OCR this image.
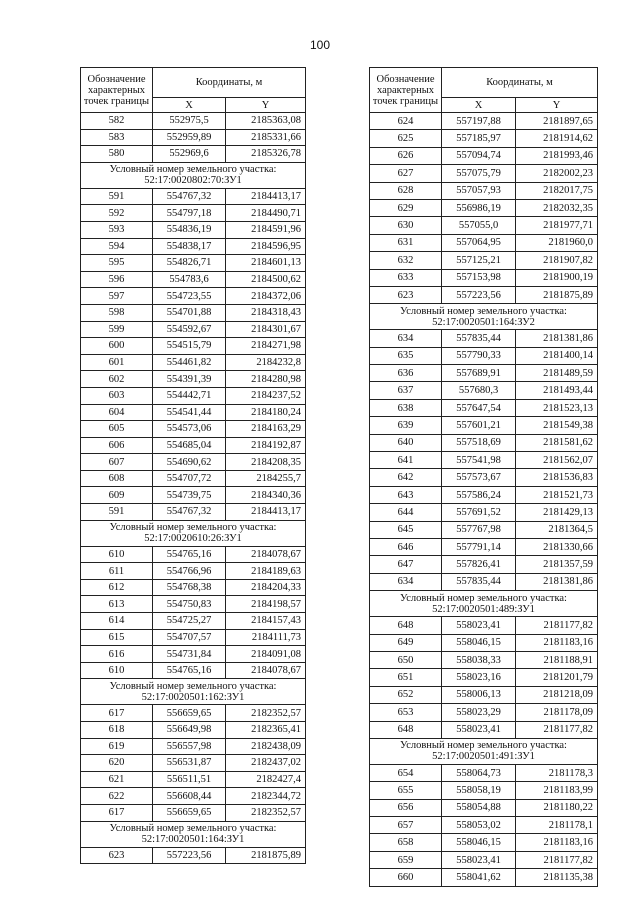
100
Обозначение характерных точек границы	Координаты, м	
	X	Y
582	552975,5	2185363,08
583	552959,89	2185331,66
580	552969,6	2185326,78
Условный номер земельного участка:
52:17:0020802:70:ЗУ1		
591	554767,32	2184413,17
592	554797,18	2184490,71
593	554836,19	2184591,96
594	554838,17	2184596,95
595	554826,71	2184601,13
596	554783,6	2184500,62
597	554723,55	2184372,06
598	554701,88	2184318,43
599	554592,67	2184301,67
600	554515,79	2184271,98
601	554461,82	2184232,8
602	554391,39	2184280,98
603	554442,71	2184237,52
604	554541,44	2184180,24
605	554573,06	2184163,29
606	554685,04	2184192,87
607	554690,62	2184208,35
608	554707,72	2184255,7
609	554739,75	2184340,36
591	554767,32	2184413,17
Условный номер земельного участка:
52:17:0020610:26:ЗУ1		
610	554765,16	2184078,67
611	554766,96	2184189,63
612	554768,38	2184204,33
613	554750,83	2184198,57
614	554725,27	2184157,43
615	554707,57	2184111,73
616	554731,84	2184091,08
610	554765,16	2184078,67
Условный номер земельного участка:
52:17:0020501:162:ЗУ1		
617	556659,65	2182352,57
618	556649,98	2182365,41
619	556557,98	2182438,09
620	556531,87	2182437,02
621	556511,51	2182427,4
622	556608,44	2182344,72
617	556659,65	2182352,57
Условный номер земельного участка:
52:17:0020501:164:ЗУ1		
623	557223,56	2181875,89
Обозначение характерных точек границы	Координаты, м	
	X	Y
624	557197,88	2181897,65
625	557185,97	2181914,62
626	557094,74	2181993,46
627	557075,79	2182002,23
628	557057,93	2182017,75
629	556986,19	2182032,35
630	557055,0	2181977,71
631	557064,95	2181960,0
632	557125,21	2181907,82
633	557153,98	2181900,19
623	557223,56	2181875,89
Условный номер земельного участка:
52:17:0020501:164:ЗУ2		
634	557835,44	2181381,86
635	557790,33	2181400,14
636	557689,91	2181489,59
637	557680,3	2181493,44
638	557647,54	2181523,13
639	557601,21	2181549,38
640	557518,69	2181581,62
641	557541,98	2181562,07
642	557573,67	2181536,83
643	557586,24	2181521,73
644	557691,52	2181429,13
645	557767,98	2181364,5
646	557791,14	2181330,66
647	557826,41	2181357,59
634	557835,44	2181381,86
Условный номер земельного участка:
52:17:0020501:489:ЗУ1		
648	558023,41	2181177,82
649	558046,15	2181183,16
650	558038,33	2181188,91
651	558023,16	2181201,79
652	558006,13	2181218,09
653	558023,29	2181178,09
648	558023,41	2181177,82
Условный номер земельного участка:
52:17:0020501:491:ЗУ1		
654	558064,73	2181178,3
655	558058,19	2181183,99
656	558054,88	2181180,22
657	558053,02	2181178,1
658	558046,15	2181183,16
659	558023,41	2181177,82
660	558041,62	2181135,38
